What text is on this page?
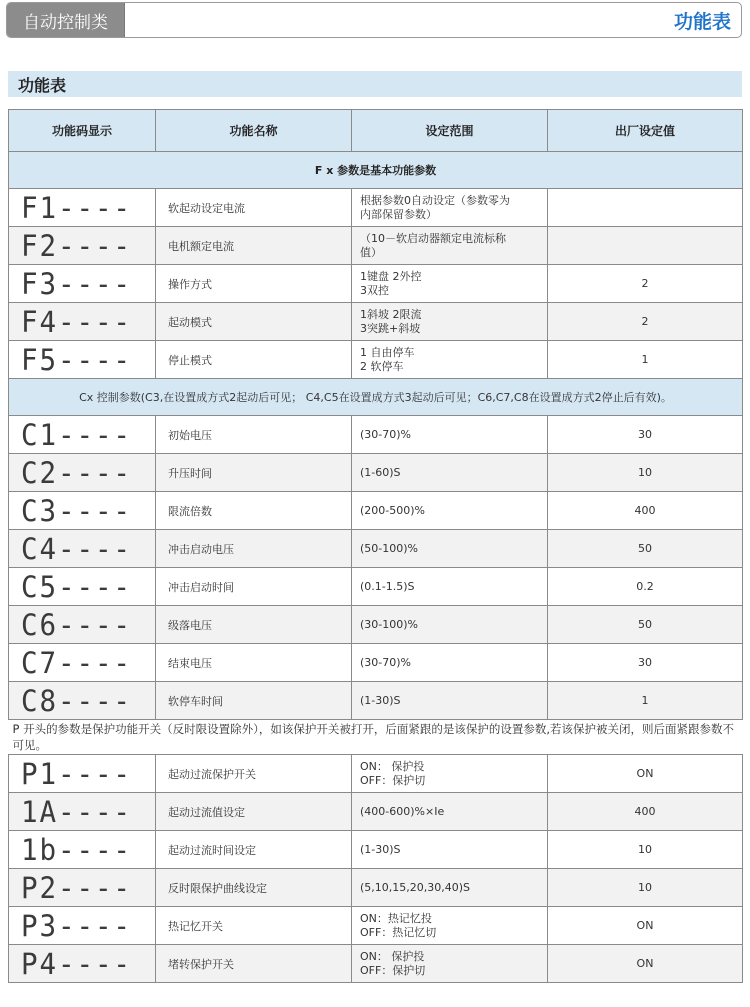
自动控制类	功能表
功能表
功能码显示	功能名称	设定范围	出厂设定值
F x 参数是基本功能参数			
F1----	软起动设定电流	根据参数0自动设定（参数零为
内部保留参数）	

F2----	电机额定电流	（10－软启动器额定电流标称
值）	

F3----	操作方式	1键盘 2外控
3双控	2
F4----	起动模式	1斜坡 2限流
3突跳+斜坡	2
F5----	停止模式	1 自由停车
2 软停车	1
Cx 控制参数(C3,在设置成方式2起动后可见； C4,C5在设置成方式3起动后可见；C6,C7,C8在设置成方式2停止后有效)。			
C1----	初始电压	(30-70)%	30
C2----	升压时间	(1-60)S	10
C3----	限流倍数	(200-500)%	400
C4----	冲击启动电压	(50-100)%	50
C5----	冲击启动时间	(0.1-1.5)S	0.2
C6----	级落电压	(30-100)%	50
C7----	结束电压	(30-70)%	30
C8----	软停车时间	(1-30)S	1
P 开头的参数是保护功能开关（反时限设置除外），如该保护开关被打开，后面紧跟的是该保护的设置参数,若该保护被关闭，则后面紧跟参数不可见。			
P1----	起动过流保护开关	ON： 保护投
OFF：保护切	ON
1A----	起动过流值设定	(400-600)%×Ie	400
1b----	起动过流时间设定	(1-30)S	10
P2----	反时限保护曲线设定	(5,10,15,20,30,40)S	10
P3----	热记忆开关	ON：热记忆投
OFF：热记忆切	ON
P4----	堵转保护开关	ON： 保护投
OFF：保护切	ON
